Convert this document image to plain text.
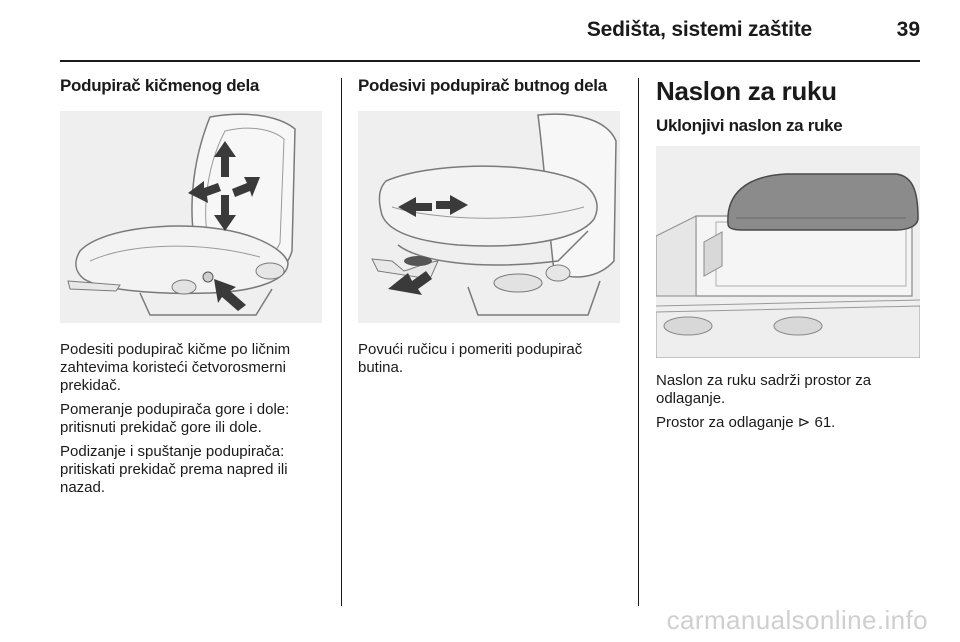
Sedišta, sistemi zaštite	39
Podupirač kičmenog dela

Podesiti podupirač kičme po ličnim zahtevima koristeći četvorosmerni prekidač.

Pomeranje podupirača gore i dole: pritisnuti prekidač gore ili dole.

Podizanje i spuštanje podupirača: pritiskati prekidač prema napred ili nazad.

Podesivi podupirač butnog dela

Povući ručicu i pomeriti podupirač butina.

Naslon za ruku
Uklonjivi naslon za ruke

Naslon za ruku sadrži prostor za odlaganje.

Prostor za odlaganje ⊳ 61.

carmanualsonline.info
